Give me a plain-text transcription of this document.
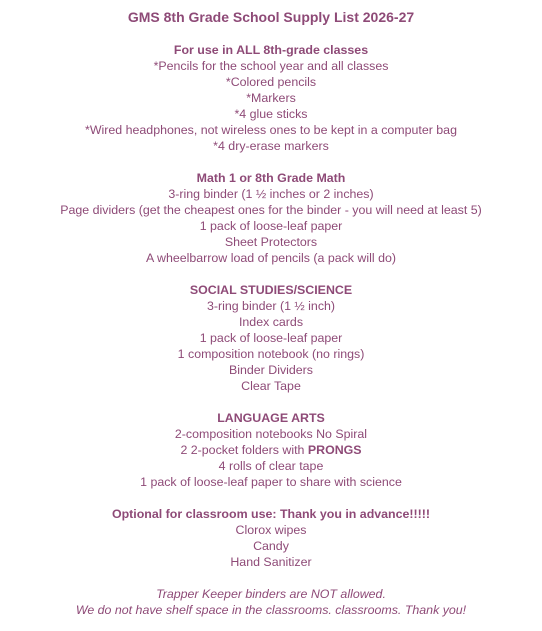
GMS 8th Grade School Supply List 2026-27
For use in ALL 8th-grade classes
*Pencils for the school year and all classes
*Colored pencils
*Markers
*4 glue sticks
*Wired headphones, not wireless ones to be kept in a computer bag
*4 dry-erase markers
Math 1 or 8th Grade Math
3-ring binder (1 ½ inches or 2 inches)
Page dividers (get the cheapest ones for the binder - you will need at least 5)
1 pack of loose-leaf paper
Sheet Protectors
A wheelbarrow load of pencils (a pack will do)
SOCIAL STUDIES/SCIENCE
3-ring binder (1 ½ inch)
Index cards
1 pack of loose-leaf paper
1 composition notebook (no rings)
Binder Dividers
Clear Tape
LANGUAGE ARTS
2-composition notebooks No Spiral
2 2-pocket folders with PRONGS
4 rolls of clear tape
1 pack of loose-leaf paper to share with science
Optional for classroom use: Thank you in advance!!!!!
Clorox wipes
Candy
Hand Sanitizer
Trapper Keeper binders are NOT allowed.
We do not have shelf space in the classrooms. classrooms. Thank you!
